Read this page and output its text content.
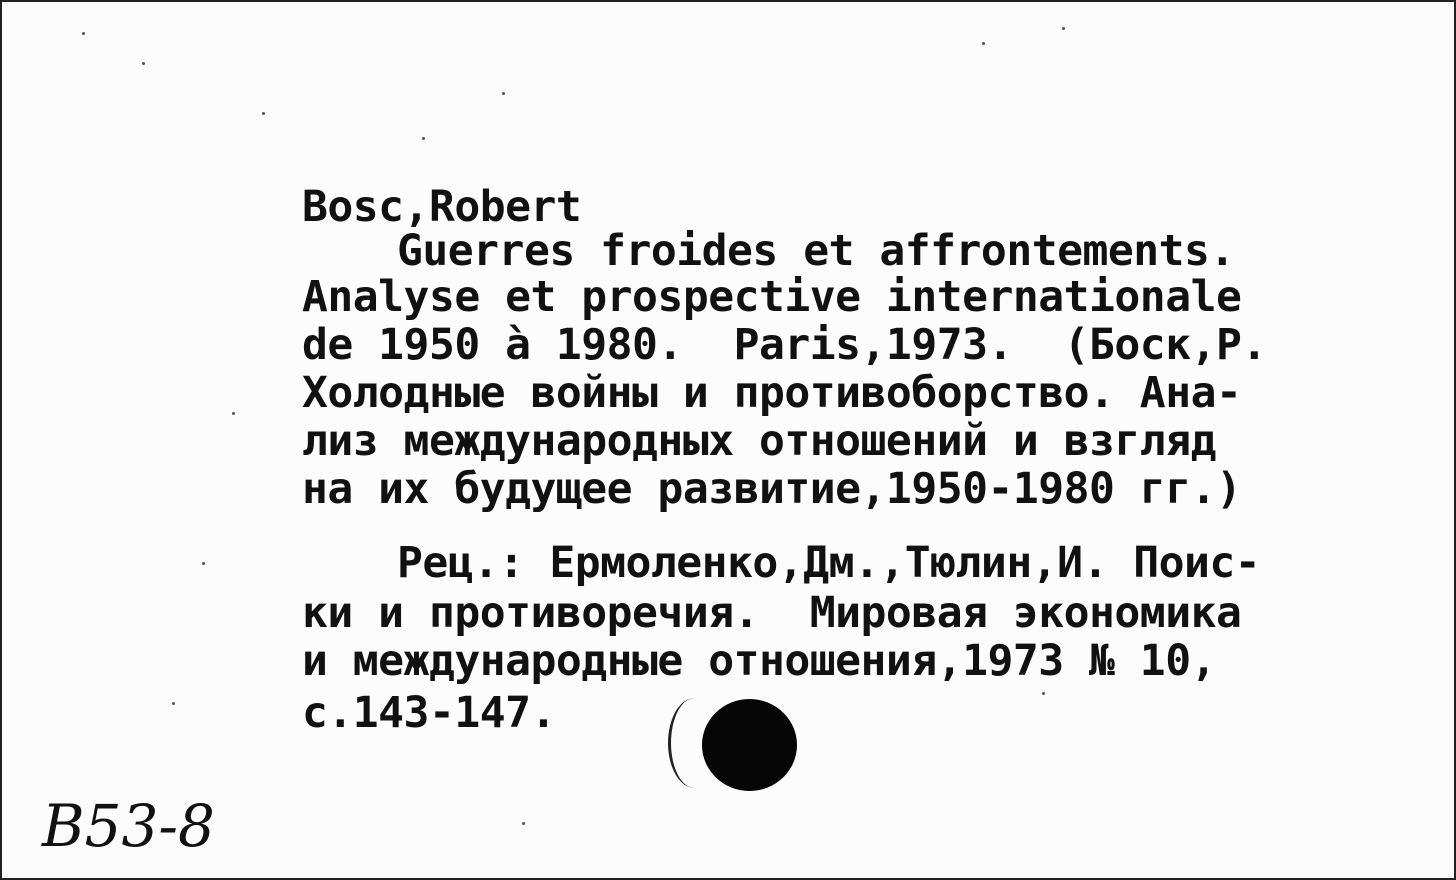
Bosc,Robert
Guerres froides et affrontements.
Analyse et prospective internationale
de 1950 à 1980.  Paris,1973.  (Боск,Р.
Холодные войны и противоборство. Ана-
лиз международных отношений и взгляд
на их будущее развитие,1950-1980 гг.)
Рец.: Ермоленко,Дм.,Тюлин,И. Поис-
ки и противоречия.  Мировая экономика
и международные отношения,1973 № 10,
с.143-147.
B53-8
